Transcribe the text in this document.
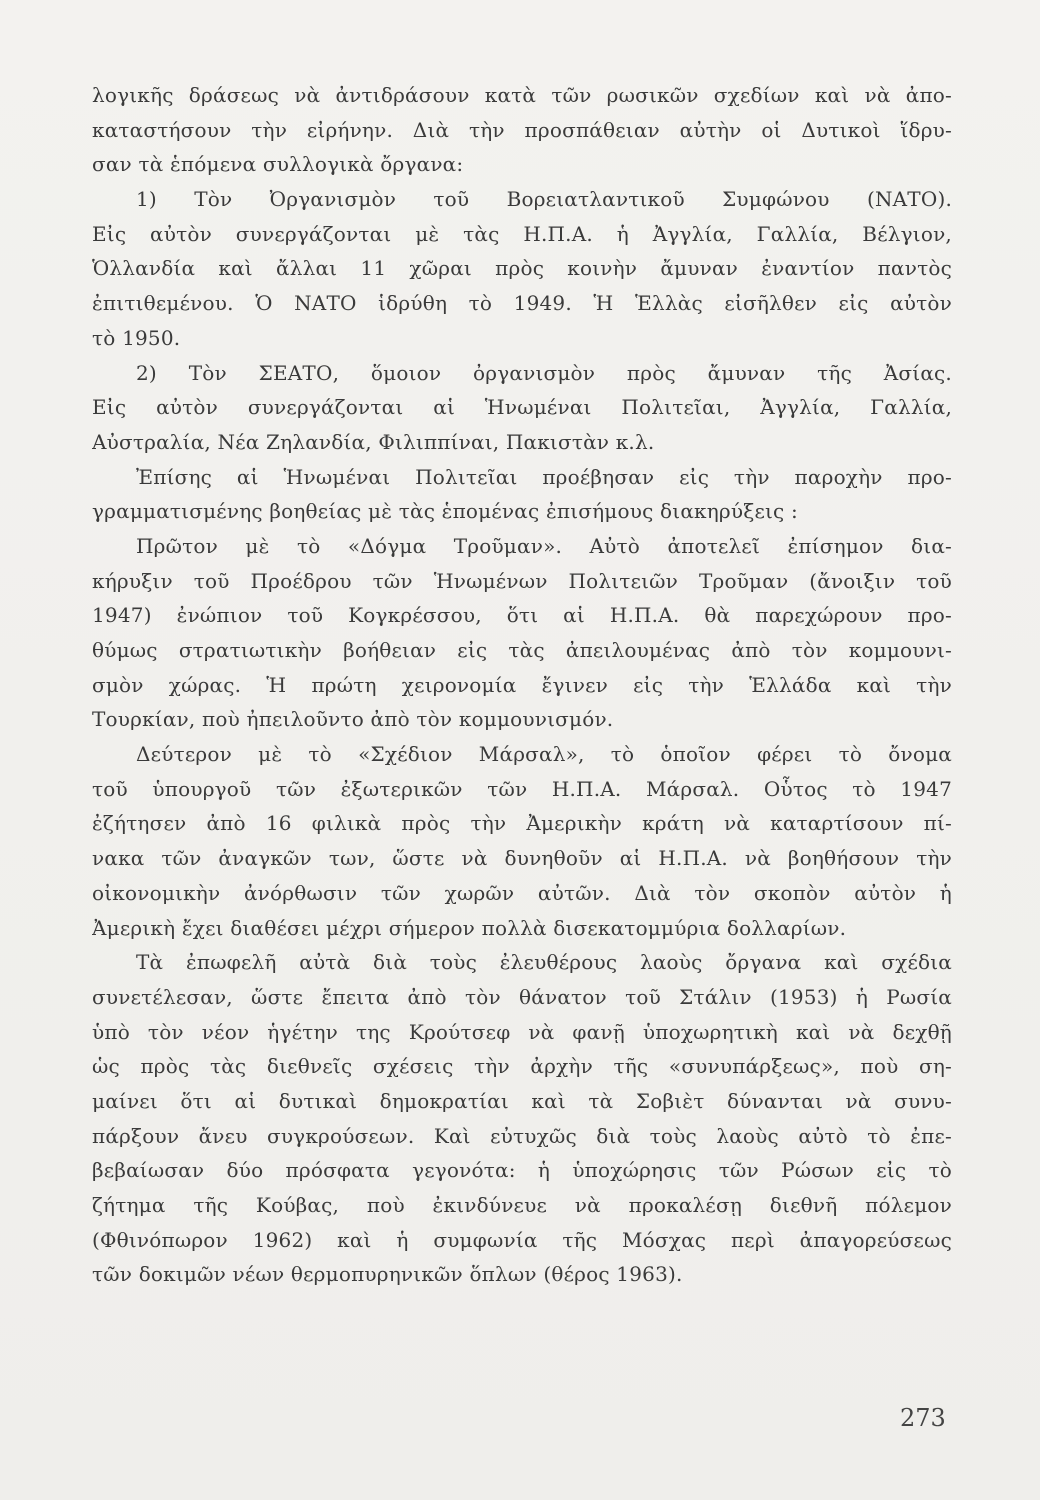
λογικῆς δράσεως νὰ ἀντιδράσουν κατὰ τῶν ρωσικῶν σχεδίων καὶ νὰ ἀπο-
καταστήσουν τὴν εἰρήνην. Διὰ τὴν προσπάθειαν αὐτὴν οἱ Δυτικοὶ ἵδρυ-
σαν τὰ ἑπόμενα συλλογικὰ ὄργανα:
1) Τὸν Ὀργανισμὸν τοῦ Βορειατλαντικοῦ Συμφώνου (ΝΑΤΟ).
Εἰς αὐτὸν συνεργάζονται μὲ τὰς Η.Π.Α. ἡ Ἀγγλία, Γαλλία, Βέλγιον,
Ὁλλανδία καὶ ἄλλαι 11 χῶραι πρὸς κοινὴν ἄμυναν ἐναντίον παντὸς
ἐπιτιθεμένου. Ὁ ΝΑΤΟ ἱδρύθη τὸ 1949. Ἡ Ἑλλὰς εἰσῆλθεν εἰς αὐτὸν
τὸ 1950.
2) Τὸν ΣΕΑΤΟ, ὅμοιον ὀργανισμὸν πρὸς ἄμυναν τῆς Ἀσίας.
Εἰς αὐτὸν συνεργάζονται αἱ Ἡνωμέναι Πολιτεῖαι, Ἀγγλία, Γαλλία,
Αὐστραλία, Νέα Ζηλανδία, Φιλιππίναι, Πακιστὰν κ.λ.
Ἐπίσης αἱ Ἡνωμέναι Πολιτεῖαι προέβησαν εἰς τὴν παροχὴν προ-
γραμματισμένης βοηθείας μὲ τὰς ἑπομένας ἐπισήμους διακηρύξεις :
Πρῶτον μὲ τὸ «Δόγμα Τροῦμαν». Αὐτὸ ἀποτελεῖ ἐπίσημον δια-
κήρυξιν τοῦ Προέδρου τῶν Ἡνωμένων Πολιτειῶν Τροῦμαν (ἄνοιξιν τοῦ
1947) ἐνώπιον τοῦ Κογκρέσσου, ὅτι αἱ Η.Π.Α. θὰ παρεχώρουν προ-
θύμως στρατιωτικὴν βοήθειαν εἰς τὰς ἀπειλουμένας ἀπὸ τὸν κομμουνι-
σμὸν χώρας. Ἡ πρώτη χειρονομία ἔγινεν εἰς τὴν Ἑλλάδα καὶ τὴν
Τουρκίαν, ποὺ ἠπειλοῦντο ἀπὸ τὸν κομμουνισμόν.
Δεύτερον μὲ τὸ «Σχέδιον Μάρσαλ», τὸ ὁποῖον φέρει τὸ ὄνομα
τοῦ ὑπουργοῦ τῶν ἐξωτερικῶν τῶν Η.Π.Α. Μάρσαλ. Οὗτος τὸ 1947
ἐζήτησεν ἀπὸ 16 φιλικὰ πρὸς τὴν Ἀμερικὴν κράτη νὰ καταρτίσουν πί-
νακα τῶν ἀναγκῶν των, ὥστε νὰ δυνηθοῦν αἱ Η.Π.Α. νὰ βοηθήσουν τὴν
οἰκονομικὴν ἀνόρθωσιν τῶν χωρῶν αὐτῶν. Διὰ τὸν σκοπὸν αὐτὸν ἡ
Ἀμερικὴ ἔχει διαθέσει μέχρι σήμερον πολλὰ δισεκατομμύρια δολλαρίων.
Τὰ ἐπωφελῆ αὐτὰ διὰ τοὺς ἐλευθέρους λαοὺς ὄργανα καὶ σχέδια
συνετέλεσαν, ὥστε ἔπειτα ἀπὸ τὸν θάνατον τοῦ Στάλιν (1953) ἡ Ρωσία
ὑπὸ τὸν νέον ἡγέτην της Κρούτσεφ νὰ φανῇ ὑποχωρητικὴ καὶ νὰ δεχθῇ
ὡς πρὸς τὰς διεθνεῖς σχέσεις τὴν ἀρχὴν τῆς «συνυπάρξεως», ποὺ ση-
μαίνει ὅτι αἱ δυτικαὶ δημοκρατίαι καὶ τὰ Σοβιὲτ δύνανται νὰ συνυ-
πάρξουν ἄνευ συγκρούσεων. Καὶ εὐτυχῶς διὰ τοὺς λαοὺς αὐτὸ τὸ ἐπε-
βεβαίωσαν δύο πρόσφατα γεγονότα: ἡ ὑποχώρησις τῶν Ρώσων εἰς τὸ
ζήτημα τῆς Κούβας, ποὺ ἐκινδύνευε νὰ προκαλέσῃ διεθνῆ πόλεμον
(Φθινόπωρον 1962) καὶ ἡ συμφωνία τῆς Μόσχας περὶ ἀπαγορεύσεως
τῶν δοκιμῶν νέων θερμοπυρηνικῶν ὅπλων (θέρος 1963).
273
